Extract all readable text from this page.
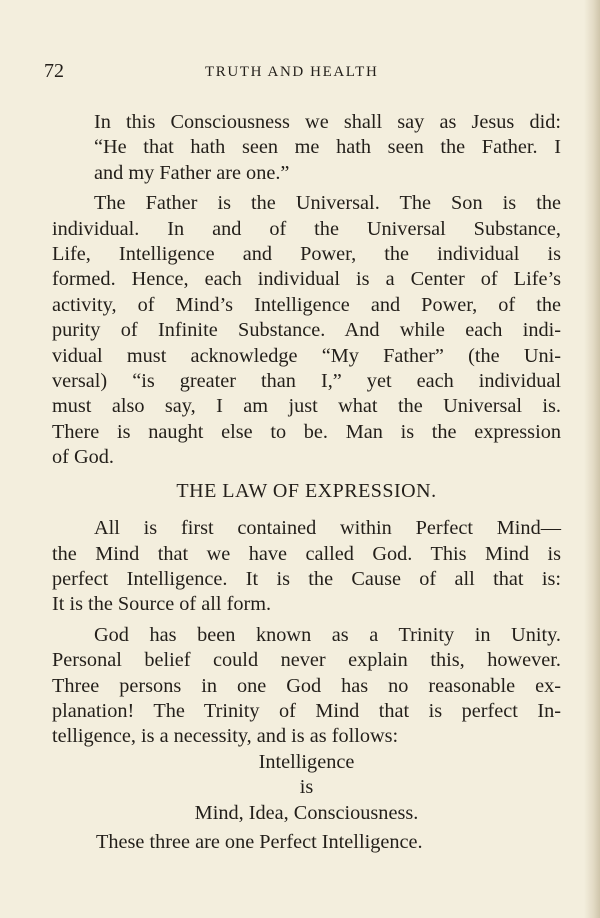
72	TRUTH AND HEALTH

In this Consciousness we shall say as Jesus did:
“He that hath seen me hath seen the Father. I
and my Father are one.”

The Father is the Universal. The Son is the
individual. In and of the Universal Substance,
Life, Intelligence and Power, the individual is
formed. Hence, each individual is a Center of Life’s
activity, of Mind’s Intelligence and Power, of the
purity of Infinite Substance. And while each indi-
vidual must acknowledge “My Father” (the Uni-
versal) “is greater than I,” yet each individual
must also say, I am just what the Universal is.
There is naught else to be. Man is the expression
of God.

THE LAW OF EXPRESSION.

All is first contained within Perfect Mind—
the Mind that we have called God. This Mind is
perfect Intelligence. It is the Cause of all that is:
It is the Source of all form.

God has been known as a Trinity in Unity.
Personal belief could never explain this, however.
Three persons in one God has no reasonable ex-
planation! The Trinity of Mind that is perfect In-
telligence, is a necessity, and is as follows:

Intelligence

is

Mind, Idea, Consciousness.

These three are one Perfect Intelligence.
